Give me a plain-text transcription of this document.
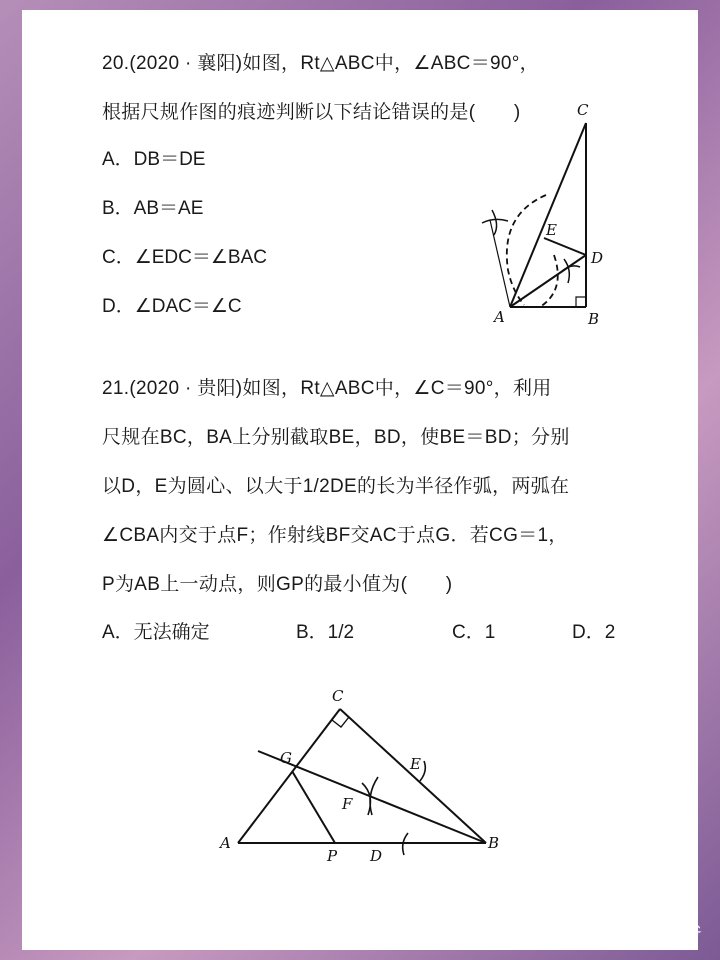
20.(2020 · 襄阳)如图，Rt△ABC中，∠ABC＝90°，
根据尺规作图的痕迹判断以下结论错误的是(　　)
A．DB＝DE
B．AB＝AE
C．∠EDC＝∠BAC
D．∠DAC＝∠C
C
E
D
A	B
21.(2020 · 贵阳)如图，Rt△ABC中，∠C＝90°，利用
尺规在BC，BA上分别截取BE，BD，使BE＝BD；分别
以D，E为圆心、以大于1/2DE的长为半径作弧，两弧在
∠CBA内交于点F；作射线BF交AC于点G．若CG＝1，
P为AB上一动点，则GP的最小值为(　　)
A．无法确定	B．1/2	C．1	D．2
C
G	E
F
A	B
P D
小红书 知乎 @娉爷
